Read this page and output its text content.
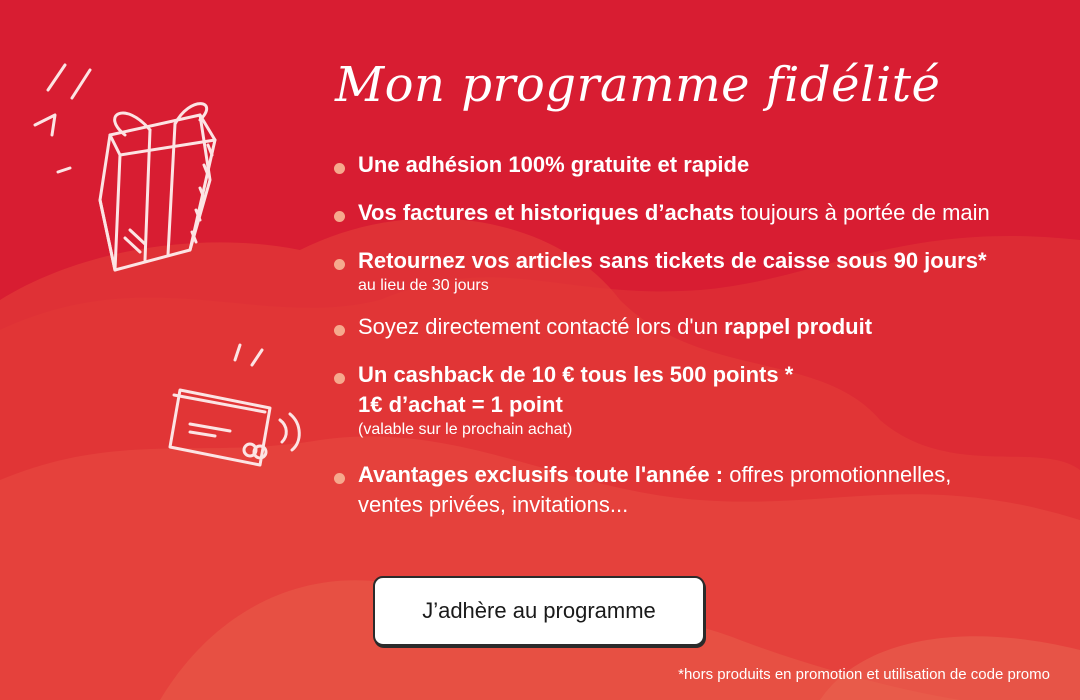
Mon programme fidélité
Une adhésion 100% gratuite et rapide
Vos factures et historiques d’achats toujours à portée de main
Retournez vos articles sans tickets de caisse sous 90 jours*
au lieu de 30 jours
Soyez directement contacté lors d'un rappel produit
Un cashback de 10 € tous les 500 points *
1€ d’achat = 1 point
(valable sur le prochain achat)
Avantages exclusifs toute l'année : offres promotionnelles,
ventes privées, invitations...
J’adhère au programme
*hors produits en promotion et utilisation de code promo
